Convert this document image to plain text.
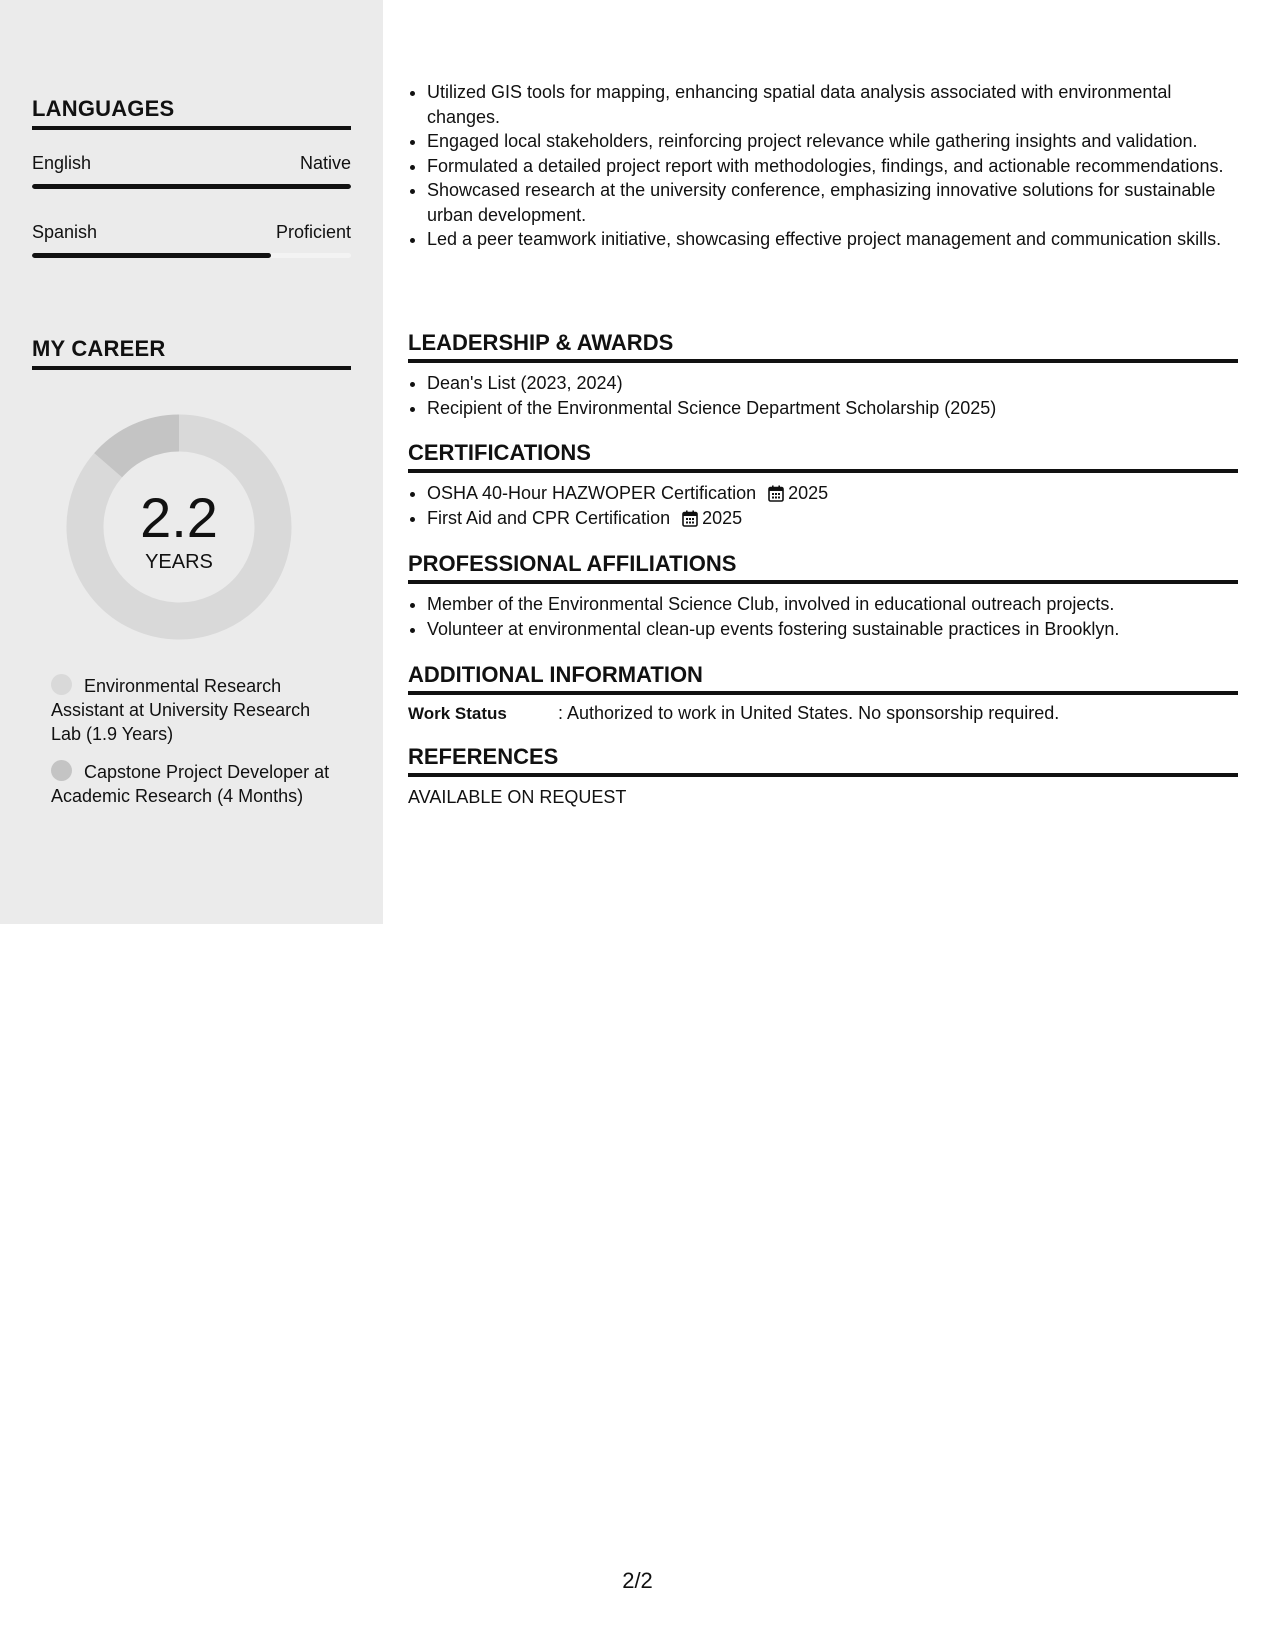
LANGUAGES
English	Native
Spanish	Proficient
MY CAREER
2.2
YEARS
Environmental Research Assistant at University Research Lab (1.9 Years)
Capstone Project Developer at Academic Research (4 Months)
• Utilized GIS tools for mapping, enhancing spatial data analysis associated with environmental changes.
• Engaged local stakeholders, reinforcing project relevance while gathering insights and validation.
• Formulated a detailed project report with methodologies, findings, and actionable recommendations.
• Showcased research at the university conference, emphasizing innovative solutions for sustainable urban development.
• Led a peer teamwork initiative, showcasing effective project management and communication skills.
LEADERSHIP & AWARDS
• Dean's List (2023, 2024)
• Recipient of the Environmental Science Department Scholarship (2025)
CERTIFICATIONS
• OSHA 40-Hour HAZWOPER Certification 2025
• First Aid and CPR Certification 2025
PROFESSIONAL AFFILIATIONS
• Member of the Environmental Science Club, involved in educational outreach projects.
• Volunteer at environmental clean-up events fostering sustainable practices in Brooklyn.
ADDITIONAL INFORMATION
Work Status	: Authorized to work in United States. No sponsorship required.
REFERENCES
AVAILABLE ON REQUEST
2/2
